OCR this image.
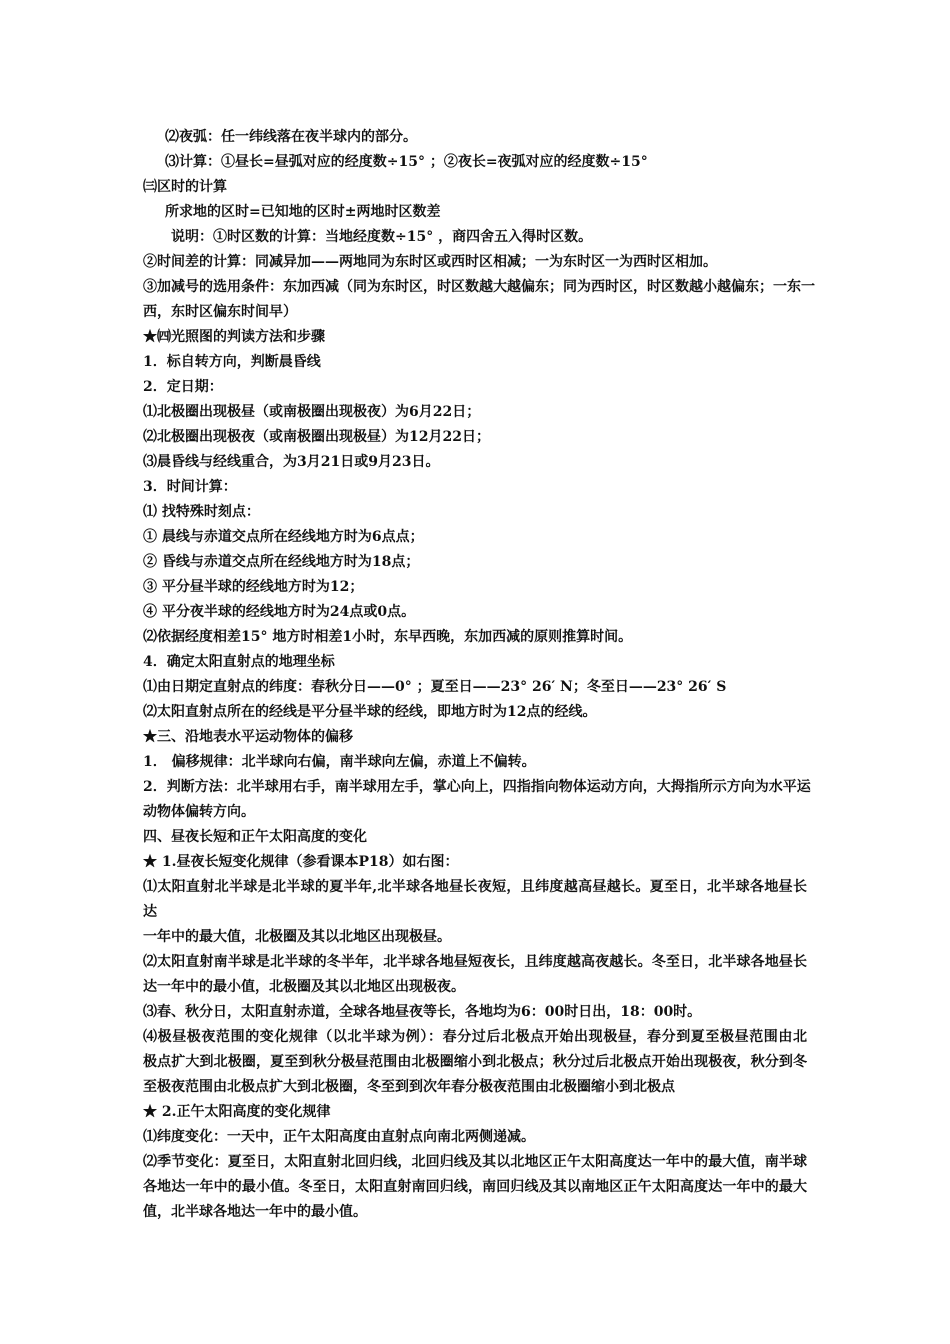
⑵夜弧：任一纬线落在夜半球内的部分。
⑶计算：①昼长=昼弧对应的经度数÷15° ；②夜长=夜弧对应的经度数÷15°
㈢区时的计算
所求地的区时=已知地的区时±两地时区数差
说明：①时区数的计算：当地经度数÷15° ，商四舍五入得时区数。
②时间差的计算：同减异加——两地同为东时区或西时区相减；一为东时区一为西时区相加。
③加减号的选用条件：东加西减（同为东时区，时区数越大越偏东；同为西时区，时区数越小越偏东；一东一
西，东时区偏东时间早）
★㈣光照图的判读方法和步骤
1．标自转方向，判断晨昏线
2．定日期：
⑴北极圈出现极昼（或南极圈出现极夜）为6月22日；
⑵北极圈出现极夜（或南极圈出现极昼）为12月22日；
⑶晨昏线与经线重合，为3月21日或9月23日。
3．时间计算：
⑴ 找特殊时刻点：
① 晨线与赤道交点所在经线地方时为6点点；
② 昏线与赤道交点所在经线地方时为18点；
③ 平分昼半球的经线地方时为12；
④ 平分夜半球的经线地方时为24点或0点。
⑵依据经度相差15° 地方时相差1小时，东早西晚，东加西减的原则推算时间。
4．确定太阳直射点的地理坐标
⑴由日期定直射点的纬度：春秋分日——0° ；夏至日——23° 26′ N；冬至日——23° 26′ S
⑵太阳直射点所在的经线是平分昼半球的经线，即地方时为12点的经线。
★三、沿地表水平运动物体的偏移
1． 偏移规律：北半球向右偏，南半球向左偏，赤道上不偏转。
2．判断方法：北半球用右手，南半球用左手，掌心向上，四指指向物体运动方向，大拇指所示方向为水平运
动物体偏转方向。
四、昼夜长短和正午太阳高度的变化
★ 1.昼夜长短变化规律（参看课本P18）如右图：
⑴太阳直射北半球是北半球的夏半年,北半球各地昼长夜短，且纬度越高昼越长。夏至日，北半球各地昼长
达
一年中的最大值，北极圈及其以北地区出现极昼。
⑵太阳直射南半球是北半球的冬半年，北半球各地昼短夜长，且纬度越高夜越长。冬至日，北半球各地昼长
达一年中的最小值，北极圈及其以北地区出现极夜。
⑶春、秋分日，太阳直射赤道，全球各地昼夜等长，各地均为6：00时日出，18：00时。
⑷极昼极夜范围的变化规律（以北半球为例）：春分过后北极点开始出现极昼，春分到夏至极昼范围由北
极点扩大到北极圈，夏至到秋分极昼范围由北极圈缩小到北极点；秋分过后北极点开始出现极夜，秋分到冬
至极夜范围由北极点扩大到北极圈，冬至到到次年春分极夜范围由北极圈缩小到北极点
★ 2.正午太阳高度的变化规律
⑴纬度变化：一天中，正午太阳高度由直射点向南北两侧递减。
⑵季节变化：夏至日，太阳直射北回归线，北回归线及其以北地区正午太阳高度达一年中的最大值，南半球
各地达一年中的最小值。冬至日，太阳直射南回归线，南回归线及其以南地区正午太阳高度达一年中的最大
值，北半球各地达一年中的最小值。
